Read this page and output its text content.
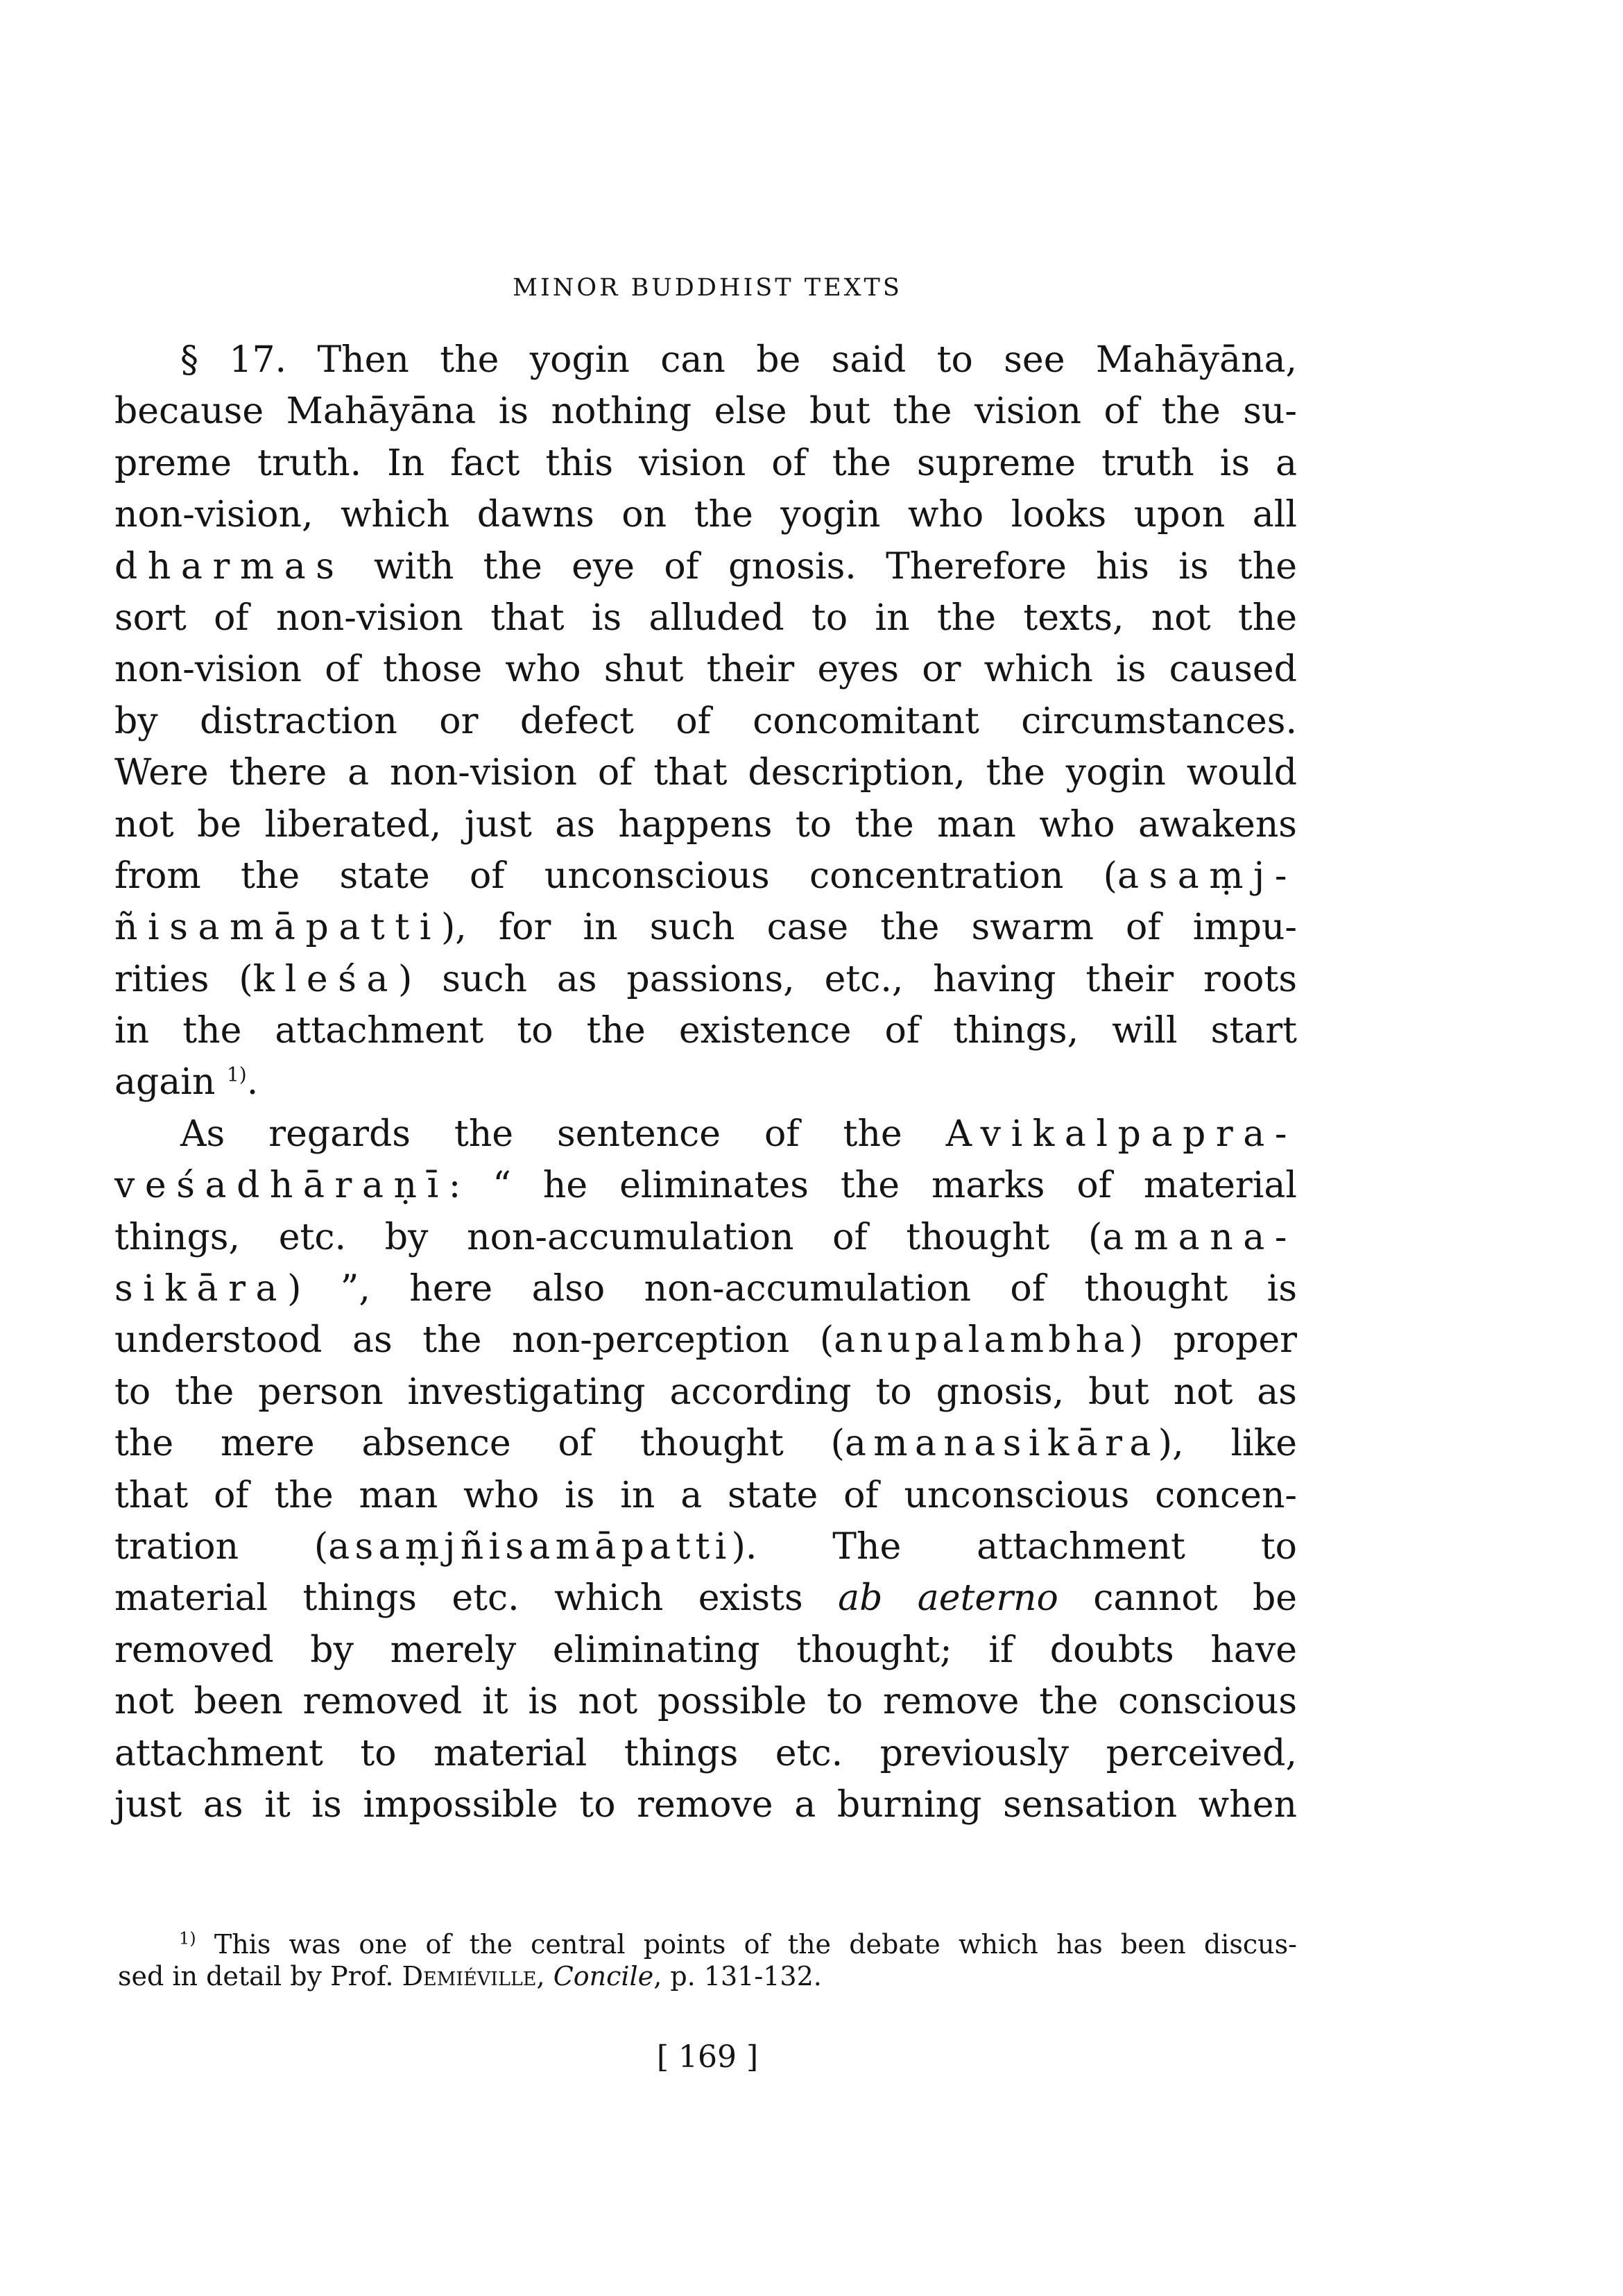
MINOR BUDDHIST TEXTS
§ 17. Then the yogin can be said to see Mahāyāna,
because Mahāyāna is nothing else but the vision of the su-
preme truth. In fact this vision of the supreme truth is a
non-vision, which dawns on the yogin who looks upon all
dharmas with the eye of gnosis. Therefore his is the
sort of non-vision that is alluded to in the texts, not the
non-vision of those who shut their eyes or which is caused
by distraction or defect of concomitant circumstances.
Were there a non-vision of that description, the yogin would
not be liberated, just as happens to the man who awakens
from the state of unconscious concentration (asaṃj-
ñisamāpatti), for in such case the swarm of impu-
rities (kleśa) such as passions, etc., having their roots
in the attachment to the existence of things, will start
again $^{1)}$.
As regards the sentence of the Avikalpapra-
veśadhāraṇī: “ he eliminates the marks of material
things, etc. by non-accumulation of thought (amana-
sikāra) ”, here also non-accumulation of thought is
understood as the non-perception (anupalambha) proper
to the person investigating according to gnosis, but not as
the mere absence of thought (amanasikāra), like
that of the man who is in a state of unconscious concen-
tration (asaṃjñisamāpatti). The attachment to
material things etc. which exists ab aeterno cannot be
removed by merely eliminating thought; if doubts have
not been removed it is not possible to remove the conscious
attachment to material things etc. previously perceived,
just as it is impossible to remove a burning sensation when
$^{1)}$ This was one of the central points of the debate which has been discus-
sed in detail by Prof. Demiéville, Concile, p. 131-132.
[ 169 ]
